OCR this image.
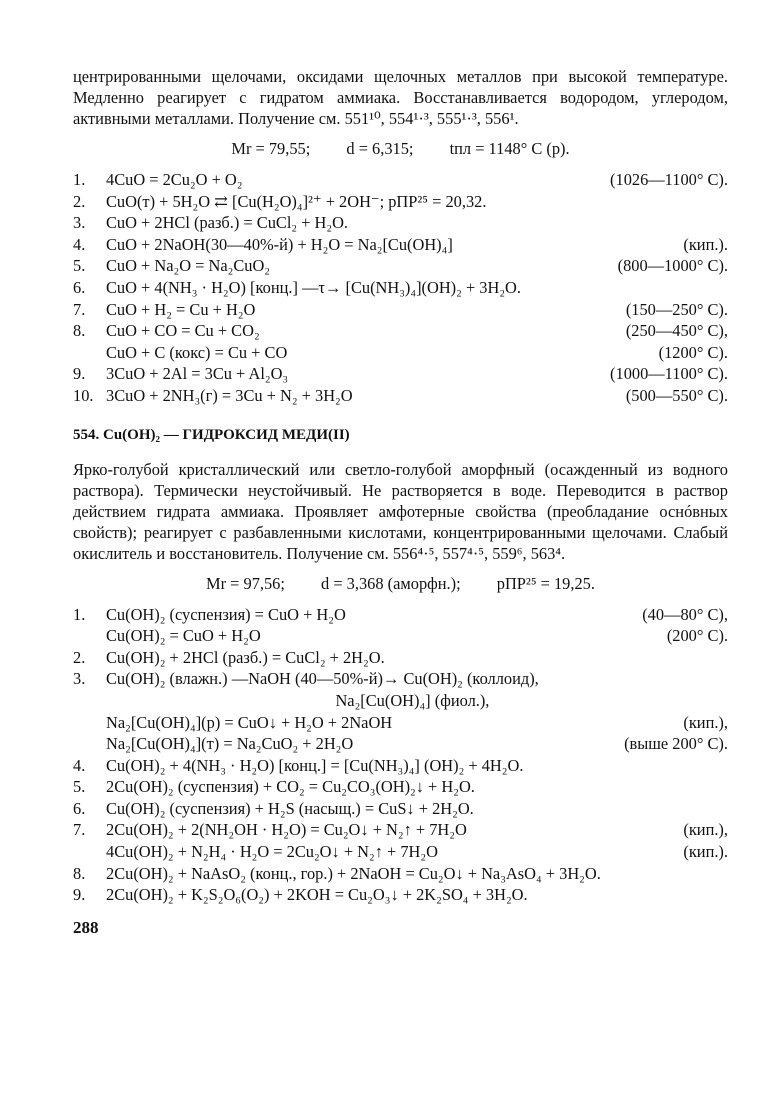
центрированными щелочами, оксидами щелочных металлов при высокой температуре. Медленно реагирует с гидратом аммиака. Восстанавливается водородом, углеродом, активными металлами. Получение см. 551¹⁰, 554¹·³, 555¹·³, 556¹.

Mr = 79,55; d = 6,315; tпл = 1148° C (р).
1.	4CuO = 2Cu₂O + O₂	(1026—1100° C).
2.	CuO(т) + 5H₂O ⇄ [Cu(H₂O)₄]²⁺ + 2OH⁻; рПР²⁵ = 20,32.
3.	CuO + 2HCl (разб.) = CuCl₂ + H₂O.
4.	CuO + 2NaOH(30—40%-й) + H₂O = Na₂[Cu(OH)₄]	(кип.).
5.	CuO + Na₂O = Na₂CuO₂	(800—1000° C).
6.	CuO + 4(NH₃ · H₂O) [конц.] —τ→ [Cu(NH₃)₄](OH)₂ + 3H₂O.
7.	CuO + H₂ = Cu + H₂O	(150—250° C).
8.	CuO + CO = Cu + CO₂	(250—450° C),
CuO + C (кокс) = Cu + CO	(1200° C).
9.	3CuO + 2Al = 3Cu + Al₂O₃	(1000—1100° C).
10. 3CuO + 2NH₃(г) = 3Cu + N₂ + 3H₂O	(500—550° C).
554. Cu(OH)₂ — ГИДРОКСИД МЕДИ(II)

Ярко-голубой кристаллический или светло-голубой аморфный (осажденный из водного раствора). Термически неустойчивый. Не растворяется в воде. Переводится в раствор действием гидрата аммиака. Проявляет амфотерные свойства (преобладание оснóвных свойств); реагирует с разбавленными кислотами, концентрированными щелочами. Слабый окислитель и восстановитель. Получение см. 556⁴·⁵, 557⁴·⁵, 559⁶, 563⁴.

Mr = 97,56; d = 3,368 (аморфн.); рПР²⁵ = 19,25.
1.	Cu(OH)₂ (суспензия) = CuO + H₂O	(40—80° C),
Cu(OH)₂ = CuO + H₂O	(200° C).
2.	Cu(OH)₂ + 2HCl (разб.) = CuCl₂ + 2H₂O.
3.	Cu(OH)₂ (влажн.) —NaOH (40—50%-й)→ Cu(OH)₂ (коллоид),
Na₂[Cu(OH)₄] (фиол.),
Na₂[Cu(OH)₄](р) = CuO↓ + H₂O + 2NaOH	(кип.),
Na₂[Cu(OH)₄](т) = Na₂CuO₂ + 2H₂O	(выше 200° C).
4.	Cu(OH)₂ + 4(NH₃ · H₂O) [конц.] = [Cu(NH₃)₄] (OH)₂ + 4H₂O.
5.	2Cu(OH)₂ (суспензия) + CO₂ = Cu₂CO₃(OH)₂↓ + H₂O.
6.	Cu(OH)₂ (суспензия) + H₂S (насыщ.) = CuS↓ + 2H₂O.
7.	2Cu(OH)₂ + 2(NH₂OH · H₂O) = Cu₂O↓ + N₂↑ + 7H₂O	(кип.),
4Cu(OH)₂ + N₂H₄ · H₂O = 2Cu₂O↓ + N₂↑ + 7H₂O	(кип.).
8.	2Cu(OH)₂ + NaAsO₂ (конц., гор.) + 2NaOH = Cu₂O↓ + Na₃AsO₄ + 3H₂O.
9.	2Cu(OH)₂ + K₂S₂O₆(O₂) + 2KOH = Cu₂O₃↓ + 2K₂SO₄ + 3H₂O.
288
